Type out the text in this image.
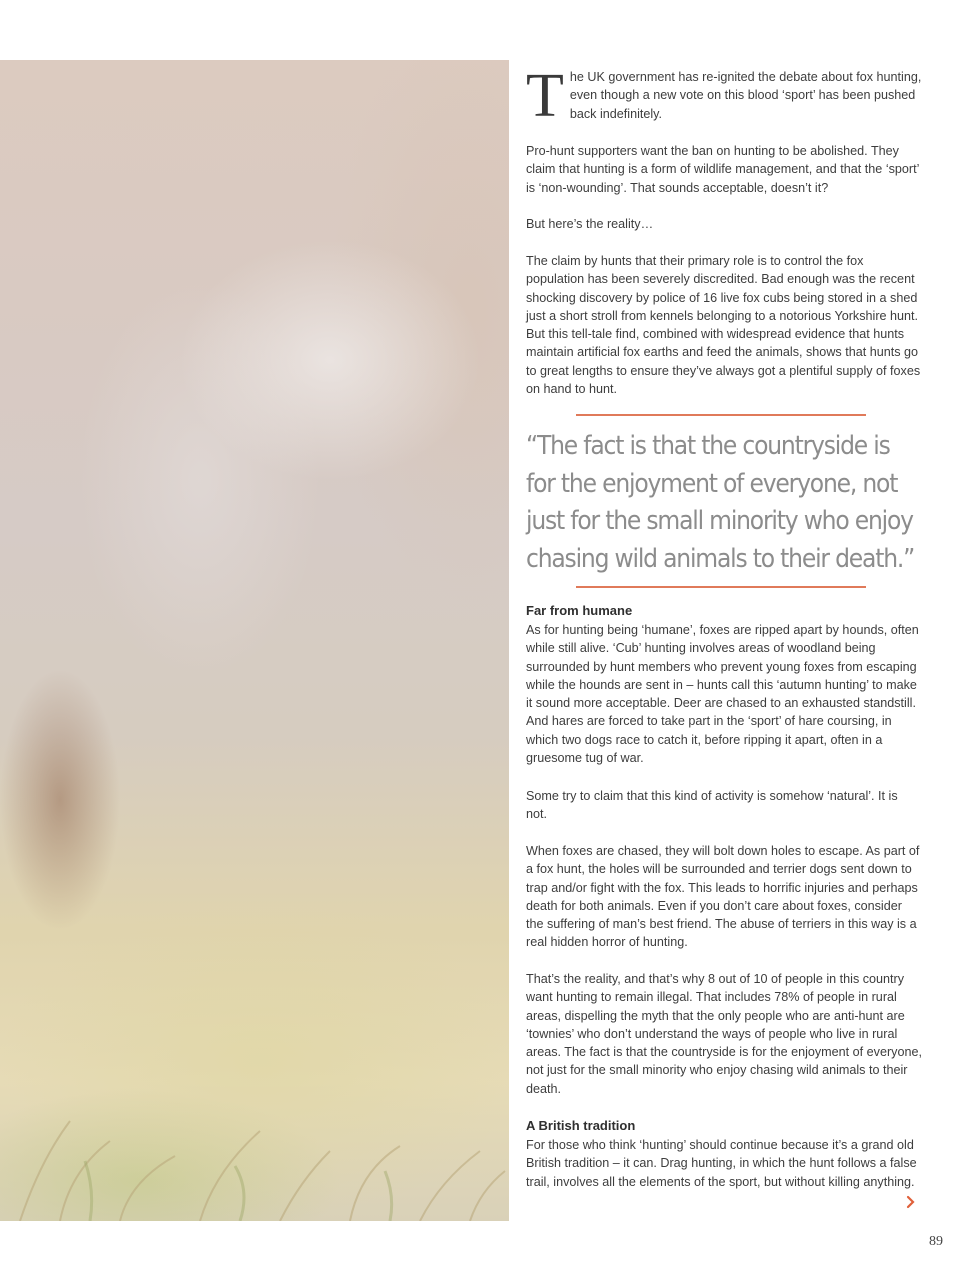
T he UK government has re-ignited the debate about fox hunting, even though a new vote on this blood ‘sport’ has been pushed back indefinitely.

Pro-hunt supporters want the ban on hunting to be abolished. They claim that hunting is a form of wildlife management, and that the ‘sport’ is ‘non-wounding’. That sounds acceptable, doesn’t it?

But here’s the reality…

The claim by hunts that their primary role is to control the fox population has been severely discredited. Bad enough was the recent shocking discovery by police of 16 live fox cubs being stored in a shed just a short stroll from kennels belonging to a notorious Yorkshire hunt. But this tell-tale find, combined with widespread evidence that hunts maintain artificial fox earths and feed the animals, shows that hunts go to great lengths to ensure they’ve always got a plentiful supply of foxes on hand to hunt.

“The fact is that the countryside is for the enjoyment of everyone, not just for the small minority who enjoy chasing wild animals to their death.”
Far from humane

As for hunting being ‘humane’, foxes are ripped apart by hounds, often while still alive. ‘Cub’ hunting involves areas of woodland being surrounded by hunt members who prevent young foxes from escaping while the hounds are sent in – hunts call this ‘autumn hunting’ to make it sound more acceptable. Deer are chased to an exhausted standstill. And hares are forced to take part in the ‘sport’ of hare coursing, in which two dogs race to catch it, before ripping it apart, often in a gruesome tug of war.

Some try to claim that this kind of activity is somehow ‘natural’. It is not.

When foxes are chased, they will bolt down holes to escape. As part of a fox hunt, the holes will be surrounded and terrier dogs sent down to trap and/or fight with the fox. This leads to horrific injuries and perhaps death for both animals. Even if you don’t care about foxes, consider the suffering of man’s best friend. The abuse of terriers in this way is a real hidden horror of hunting.

That’s the reality, and that’s why 8 out of 10 of people in this country want hunting to remain illegal. That includes 78% of people in rural areas, dispelling the myth that the only people who are anti-hunt are ‘townies’ who don’t understand the ways of people who live in rural areas. The fact is that the countryside is for the enjoyment of everyone, not just for the small minority who enjoy chasing wild animals to their death.

A British tradition

For those who think ‘hunting’ should continue because it’s a grand old British tradition – it can. Drag hunting, in which the hunt follows a false trail, involves all the elements of the sport, but without killing anything.

89
